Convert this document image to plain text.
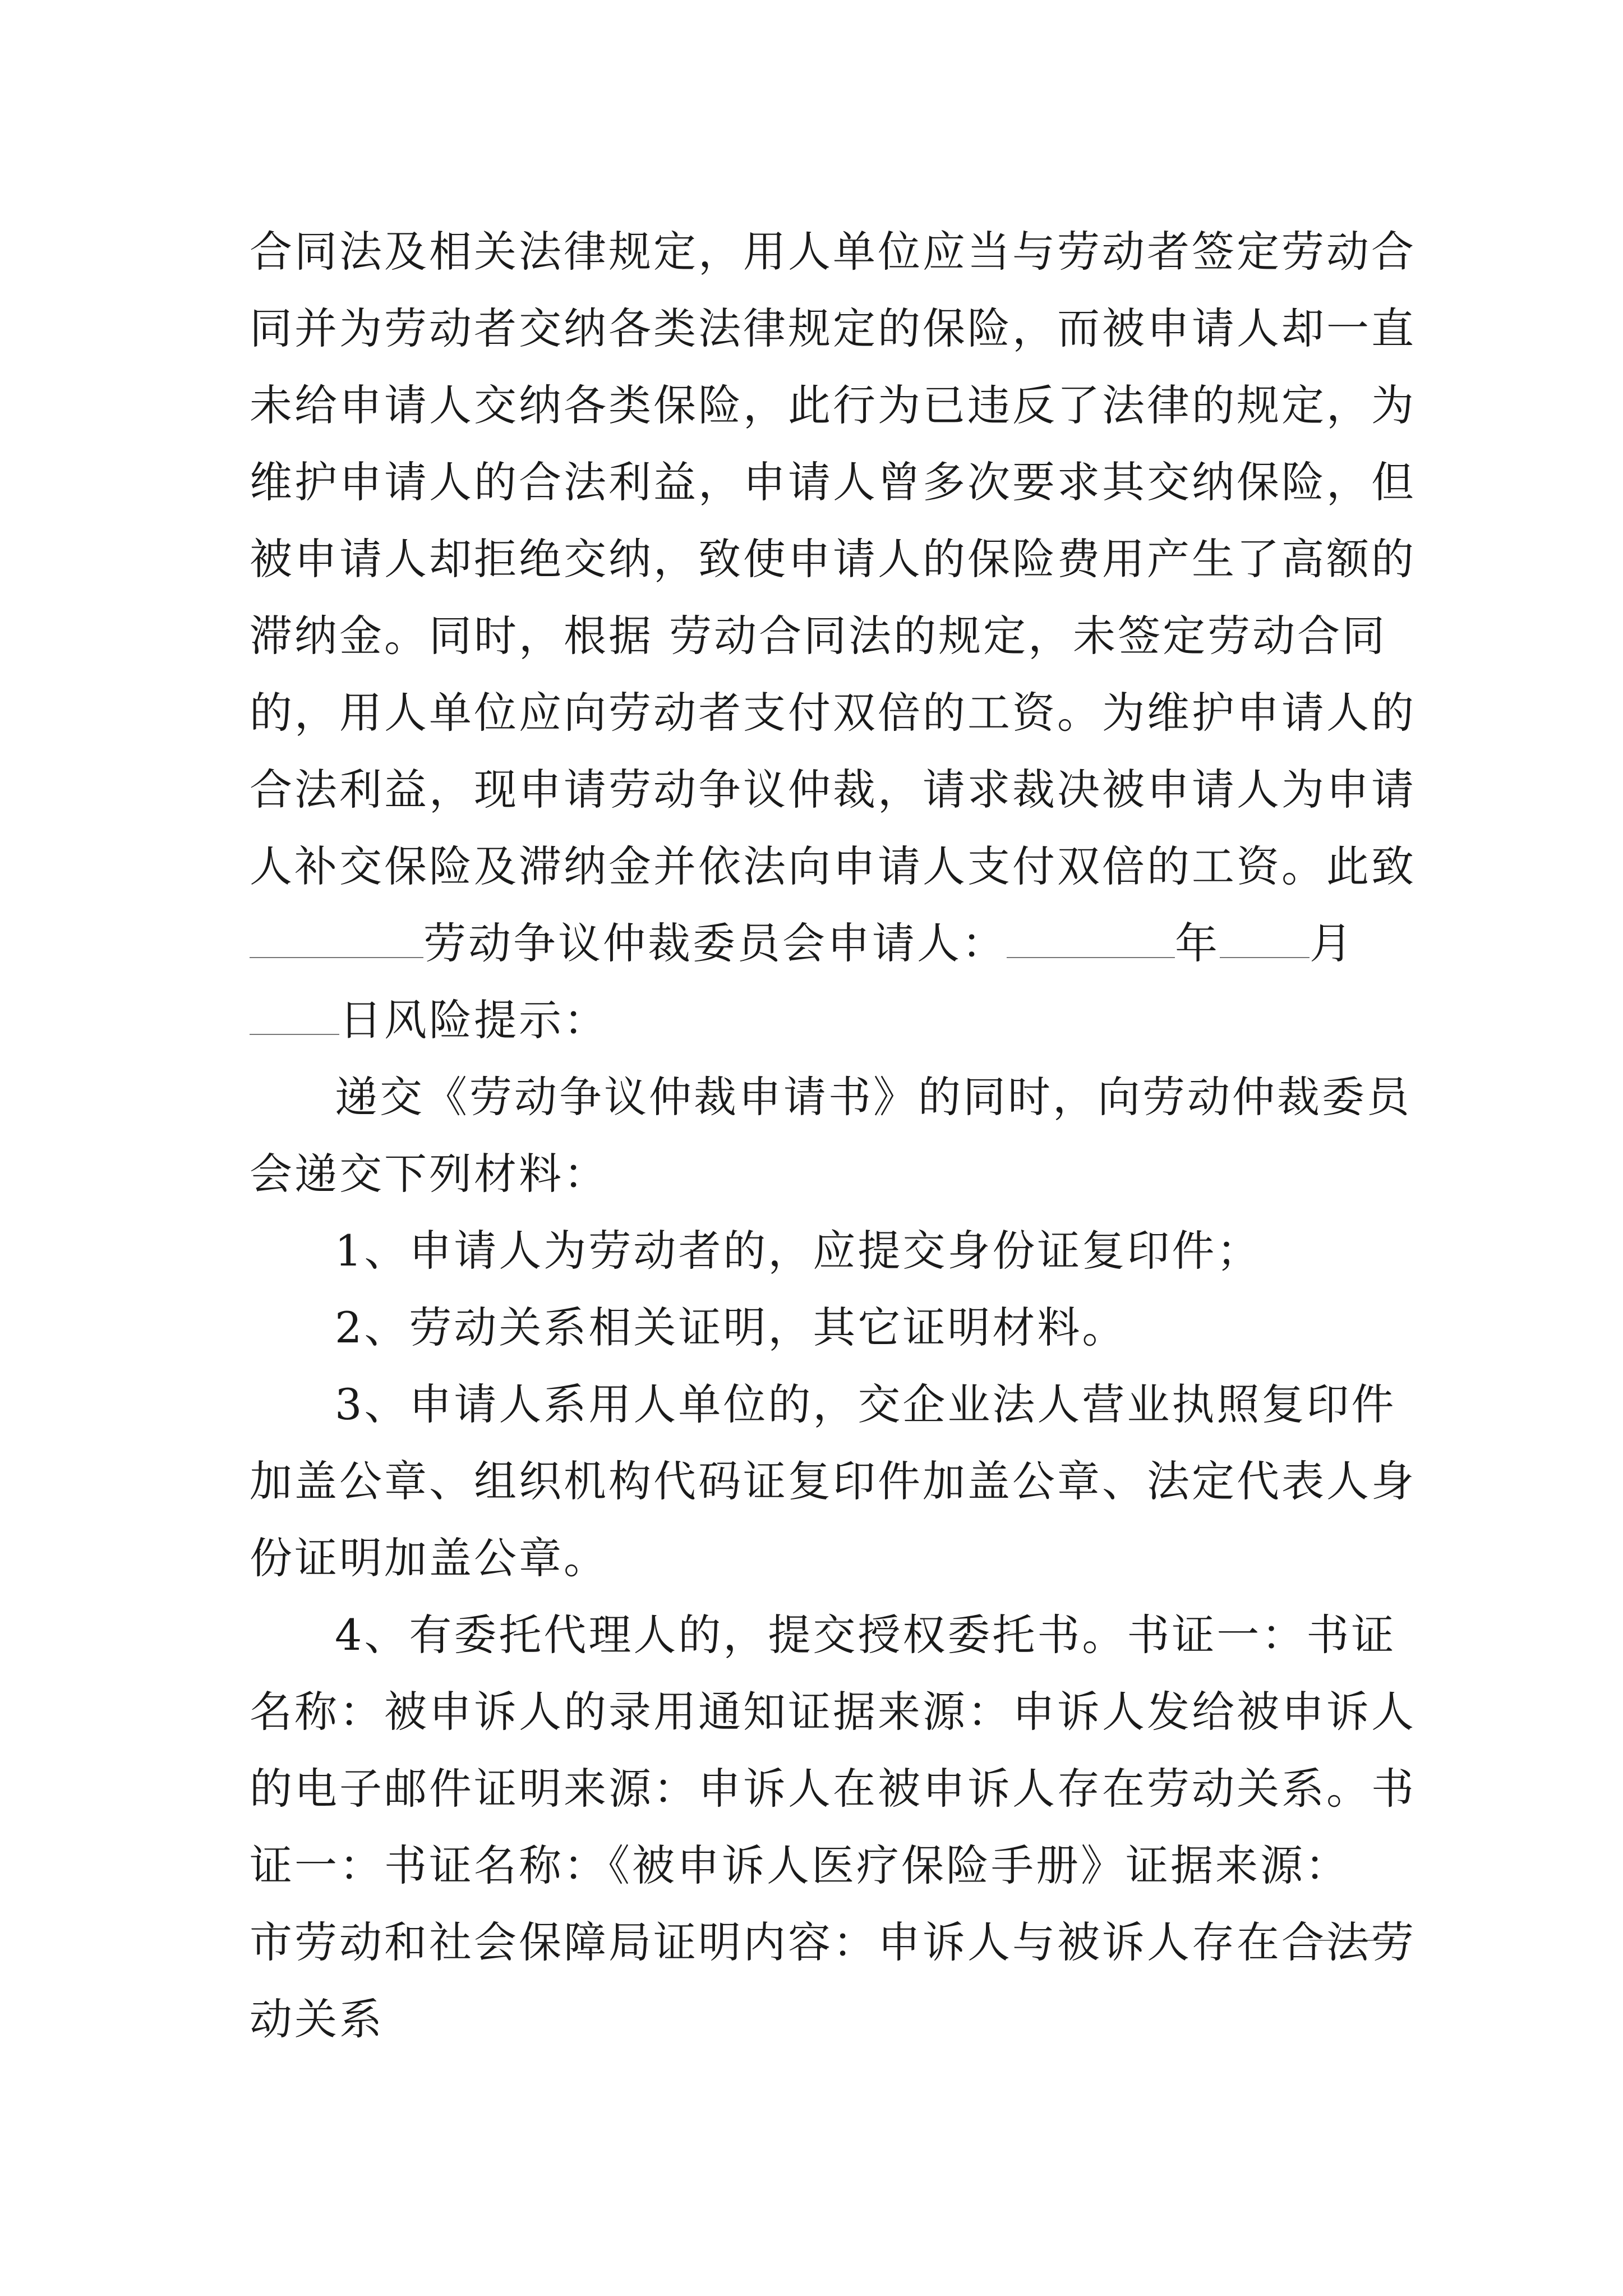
合同法及相关法律规定，用人单位应当与劳动者签定劳动合
同并为劳动者交纳各类法律规定的保险，而被申请人却一直
未给申请人交纳各类保险，此行为已违反了法律的规定，为
维护申请人的合法利益，申请人曾多次要求其交纳保险，但
被申请人却拒绝交纳，致使申请人的保险费用产生了高额的
滞纳金。同时，根据 劳动合同法的规定，未签定劳动合同
的，用人单位应向劳动者支付双倍的工资。为维护申请人的
合法利益，现申请劳动争议仲裁，请求裁决被申请人为申请
人补交保险及滞纳金并依法向申请人支付双倍的工资。此致
劳动争议仲裁委员会申请人：	年 月
日风险提示：
递交《劳动争议仲裁申请书》的同时，向劳动仲裁委员
会递交下列材料：
1、申请人为劳动者的，应提交身份证复印件；
2、劳动关系相关证明，其它证明材料。
3、申请人系用人单位的，交企业法人营业执照复印件
加盖公章、组织机构代码证复印件加盖公章、法定代表人身
份证明加盖公章。
4、有委托代理人的，提交授权委托书。书证一：书证
名称：被申诉人的录用通知证据来源：申诉人发给被申诉人
的电子邮件证明来源：申诉人在被申诉人存在劳动关系。书
证一：书证名称：《被申诉人医疗保险手册》证据来源：
市劳动和社会保障局证明内容：申诉人与被诉人存在合法劳
动关系
